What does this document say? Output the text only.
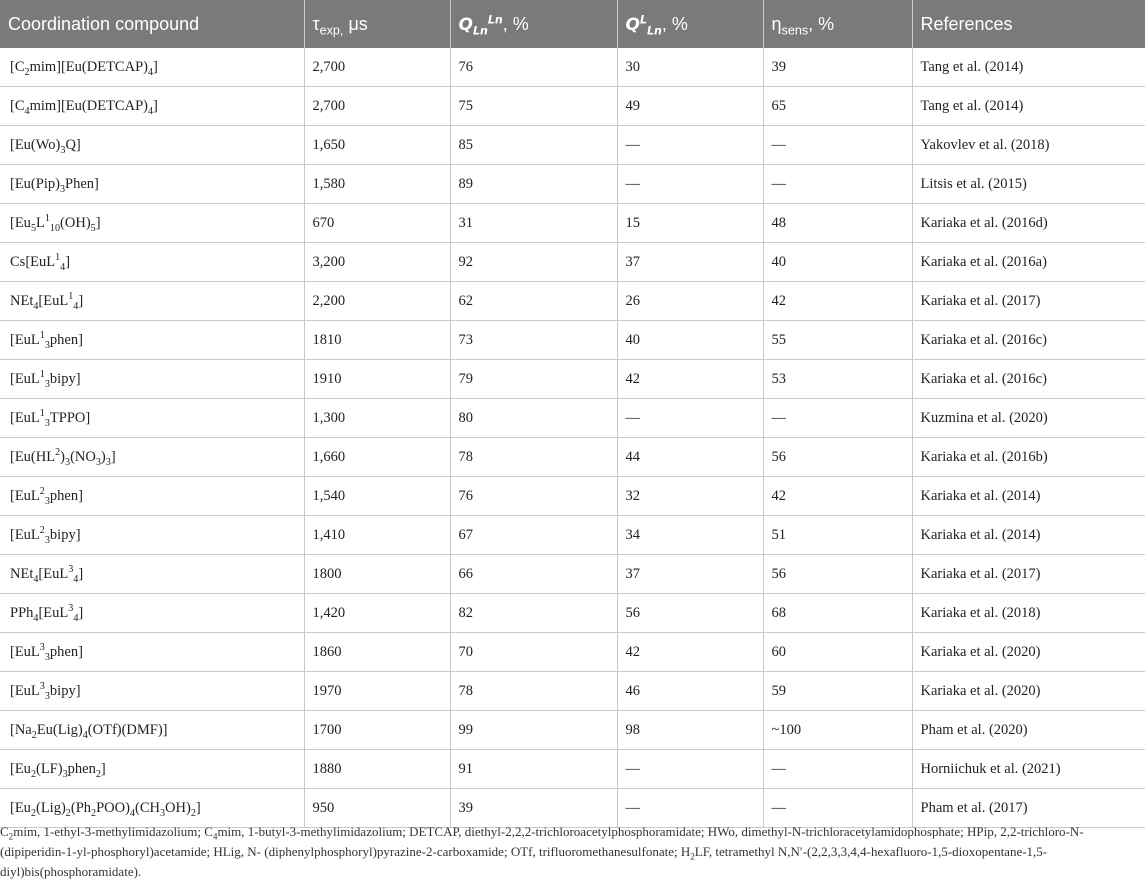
Coordination compound	$\tau_{exp,}$ μs	$Q_{Ln}^{Ln}$, %	$Q^L_{Ln}$, %	$\eta_{sens}$, %	References
$[C_2mim][Eu(DETCAP)_4]$	2,700	76	30	39	Tang et al. (2014)
$[C_4mim][Eu(DETCAP)_4]$	2,700	75	49	65	Tang et al. (2014)
$[Eu(Wo)_3Q]$	1,650	85	—	—	Yakovlev et al. (2018)
$[Eu(Pip)_3Phen]$	1,580	89	—	—	Litsis et al. (2015)
$[Eu_5L^1_{10}(OH)_5]$	670	31	15	48	Kariaka et al. (2016d)
Cs[EuL$^1_4$]	3,200	92	37	40	Kariaka et al. (2016a)
NEt$_4$[EuL$^1_4$]	2,200	62	26	42	Kariaka et al. (2017)
[EuL$^1_3$phen]	1810	73	40	55	Kariaka et al. (2016c)
[EuL$^1_3$bipy]	1910	79	42	53	Kariaka et al. (2016c)
[EuL$^1_3$TPPO]	1,300	80	—	—	Kuzmina et al. (2020)
$[Eu(HL^2)_3(NO_3)_3]$	1,660	78	44	56	Kariaka et al. (2016b)
[EuL$^2_3$phen]	1,540	76	32	42	Kariaka et al. (2014)
[EuL$^2_3$bipy]	1,410	67	34	51	Kariaka et al. (2014)
NEt$_4$[EuL$^3_4$]	1800	66	37	56	Kariaka et al. (2017)
PPh$_4$[EuL$^3_4$]	1,420	82	56	68	Kariaka et al. (2018)
[EuL$^3_3$phen]	1860	70	42	60	Kariaka et al. (2020)
[EuL$^3_3$bipy]	1970	78	46	59	Kariaka et al. (2020)
$[Na_2Eu(Lig)_4(OTf)(DMF)]$	1700	99	98	~100	Pham et al. (2020)
$[Eu_2(LF)_3phen_2]$	1880	91	—	—	Horniichuk et al. (2021)
$[Eu_2(Lig)_2(Ph_2POO)_4(CH_3OH)_2]$	950	39	—	—	Pham et al. (2017)
$C_2mim$, 1-ethyl-3-methylimidazolium; $C_4mim$, 1-butyl-3-methylimidazolium; DETCAP, diethyl-2,2,2-trichloroacetylphosphoramidate; HWo, dimethyl-N-trichloracetylamidophosphate; HPip, 2,2-trichloro-N-(dipiperidin-1-yl-phosphoryl)acetamide; HLig, N- (diphenylphosphoryl)pyrazine-2-carboxamide; OTf, trifluoromethanesulfonate; $H_2LF$, tetramethyl N,N′-(2,2,3,3,4,4-hexafluoro-1,5-dioxopentane-1,5-diyl)bis(phosphoramidate).
